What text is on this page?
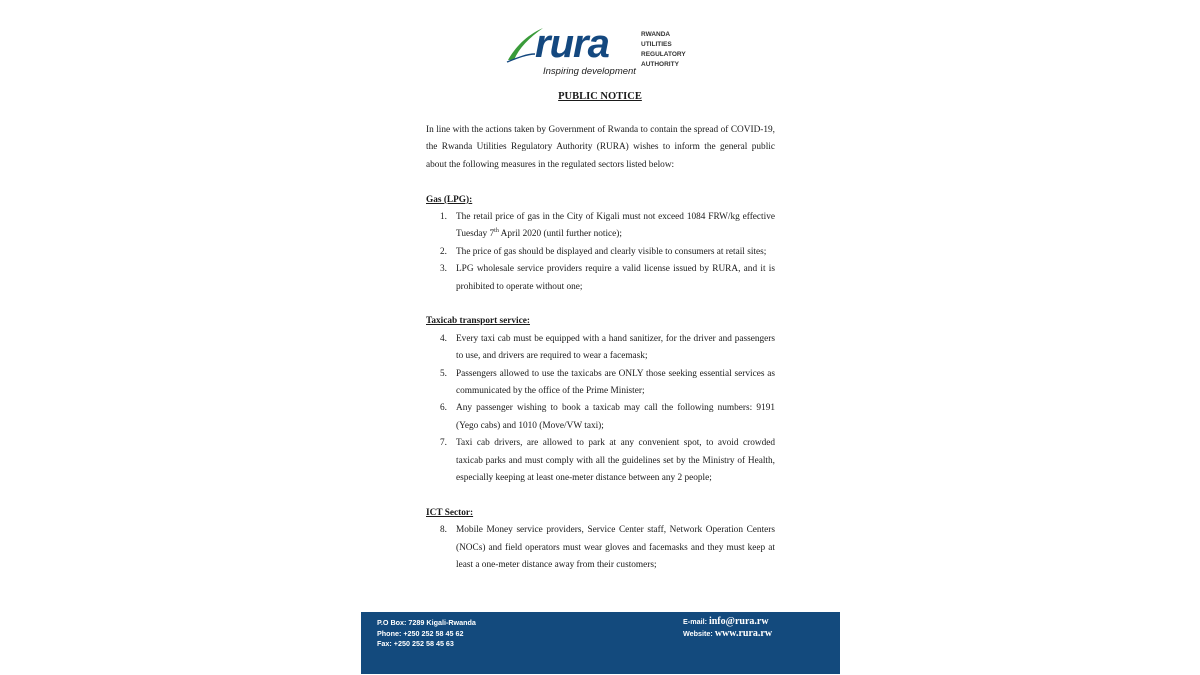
rura	RWANDA
UTILITIES
REGULATORY
AUTHORITY
Inspiring development
PUBLIC NOTICE

In line with the actions taken by Government of Rwanda to contain the spread of COVID-19, the Rwanda Utilities Regulatory Authority (RURA) wishes to inform the general public about the following measures in the regulated sectors listed below:

Gas (LPG):
1. The retail price of gas in the City of Kigali must not exceed 1084 FRW/kg effective Tuesday 7th April 2020 (until further notice);
2. The price of gas should be displayed and clearly visible to consumers at retail sites;
3. LPG wholesale service providers require a valid license issued by RURA, and it is prohibited to operate without one;
Taxicab transport service:
4. Every taxi cab must be equipped with a hand sanitizer, for the driver and passengers to use, and drivers are required to wear a facemask;
5. Passengers allowed to use the taxicabs are ONLY those seeking essential services as communicated by the office of the Prime Minister;
6. Any passenger wishing to book a taxicab may call the following numbers: 9191 (Yego cabs) and 1010 (Move/VW taxi);
7. Taxi cab drivers, are allowed to park at any convenient spot, to avoid crowded taxicab parks and must comply with all the guidelines set by the Ministry of Health, especially keeping at least one-meter distance between any 2 people;
ICT Sector:
8. Mobile Money service providers, Service Center staff, Network Operation Centers (NOCs) and field operators must wear gloves and facemasks and they must keep at least a one-meter distance away from their customers;
P.O Box: 7289 Kigali-Rwanda
Phone: +250 252 58 45 62
Fax: +250 252 58 45 63
E-mail: info@rura.rw
Website: www.rura.rw
